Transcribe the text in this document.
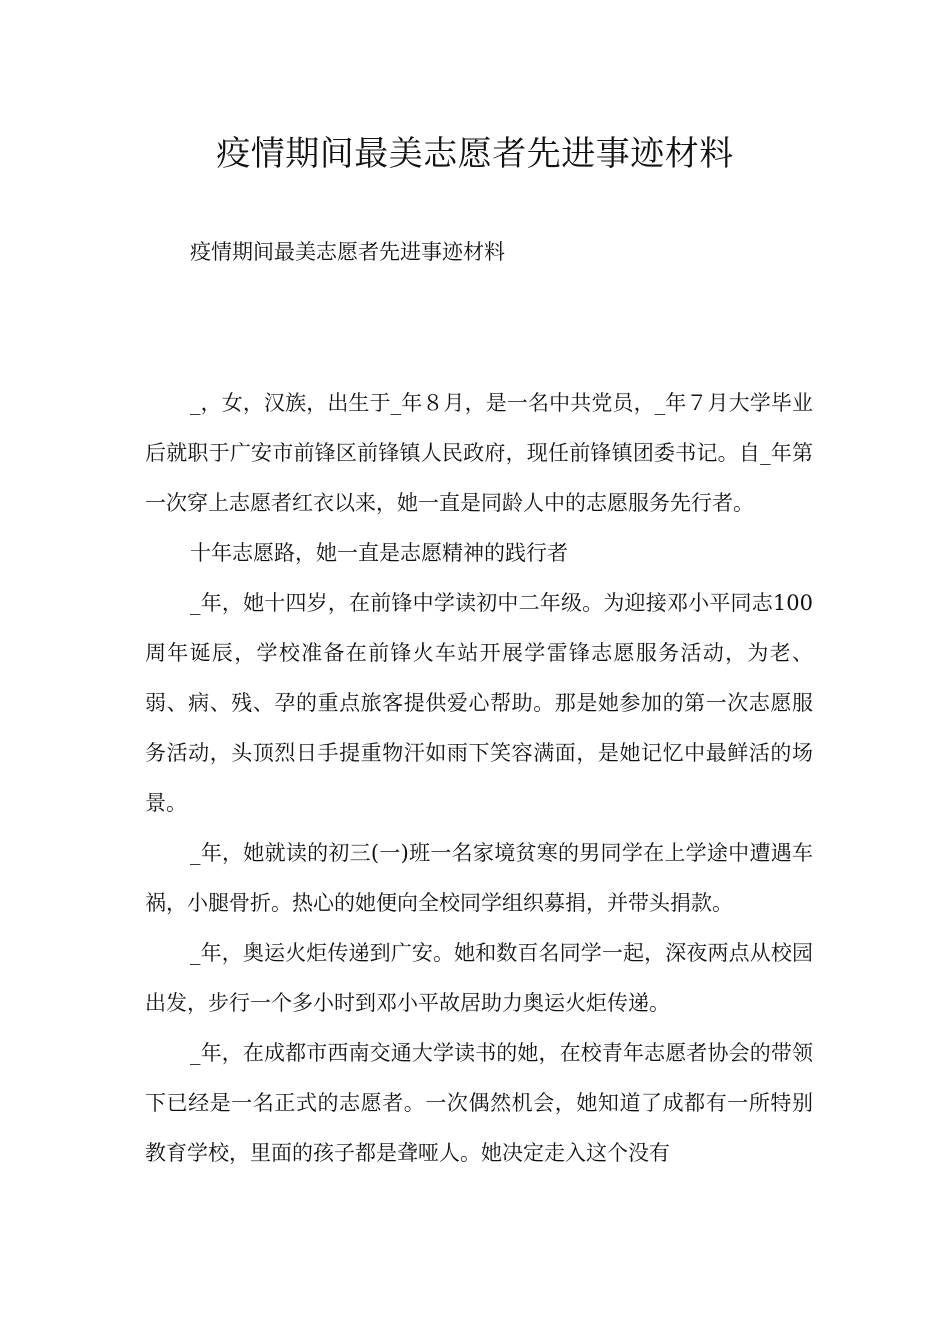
疫情期间最美志愿者先进事迹材料

疫情期间最美志愿者先进事迹材料

_，女，汉族，出生于_年８月，是一名中共党员，_年７月大学毕业后就职于广安市前锋区前锋镇人民政府，现任前锋镇团委书记。自_年第一次穿上志愿者红衣以来，她一直是同龄人中的志愿服务先行者。

十年志愿路，她一直是志愿精神的践行者

_年，她十四岁，在前锋中学读初中二年级。为迎接邓小平同志100周年诞辰，学校准备在前锋火车站开展学雷锋志愿服务活动，为老、弱、病、残、孕的重点旅客提供爱心帮助。那是她参加的第一次志愿服务活动，头顶烈日手提重物汗如雨下笑容满面，是她记忆中最鲜活的场景。

_年，她就读的初三(一)班一名家境贫寒的男同学在上学途中遭遇车祸，小腿骨折。热心的她便向全校同学组织募捐，并带头捐款。

_年，奥运火炬传递到广安。她和数百名同学一起，深夜两点从校园出发，步行一个多小时到邓小平故居助力奥运火炬传递。

_年，在成都市西南交通大学读书的她，在校青年志愿者协会的带领下已经是一名正式的志愿者。一次偶然机会，她知道了成都有一所特别教育学校，里面的孩子都是聋哑人。她决定走入这个没有
